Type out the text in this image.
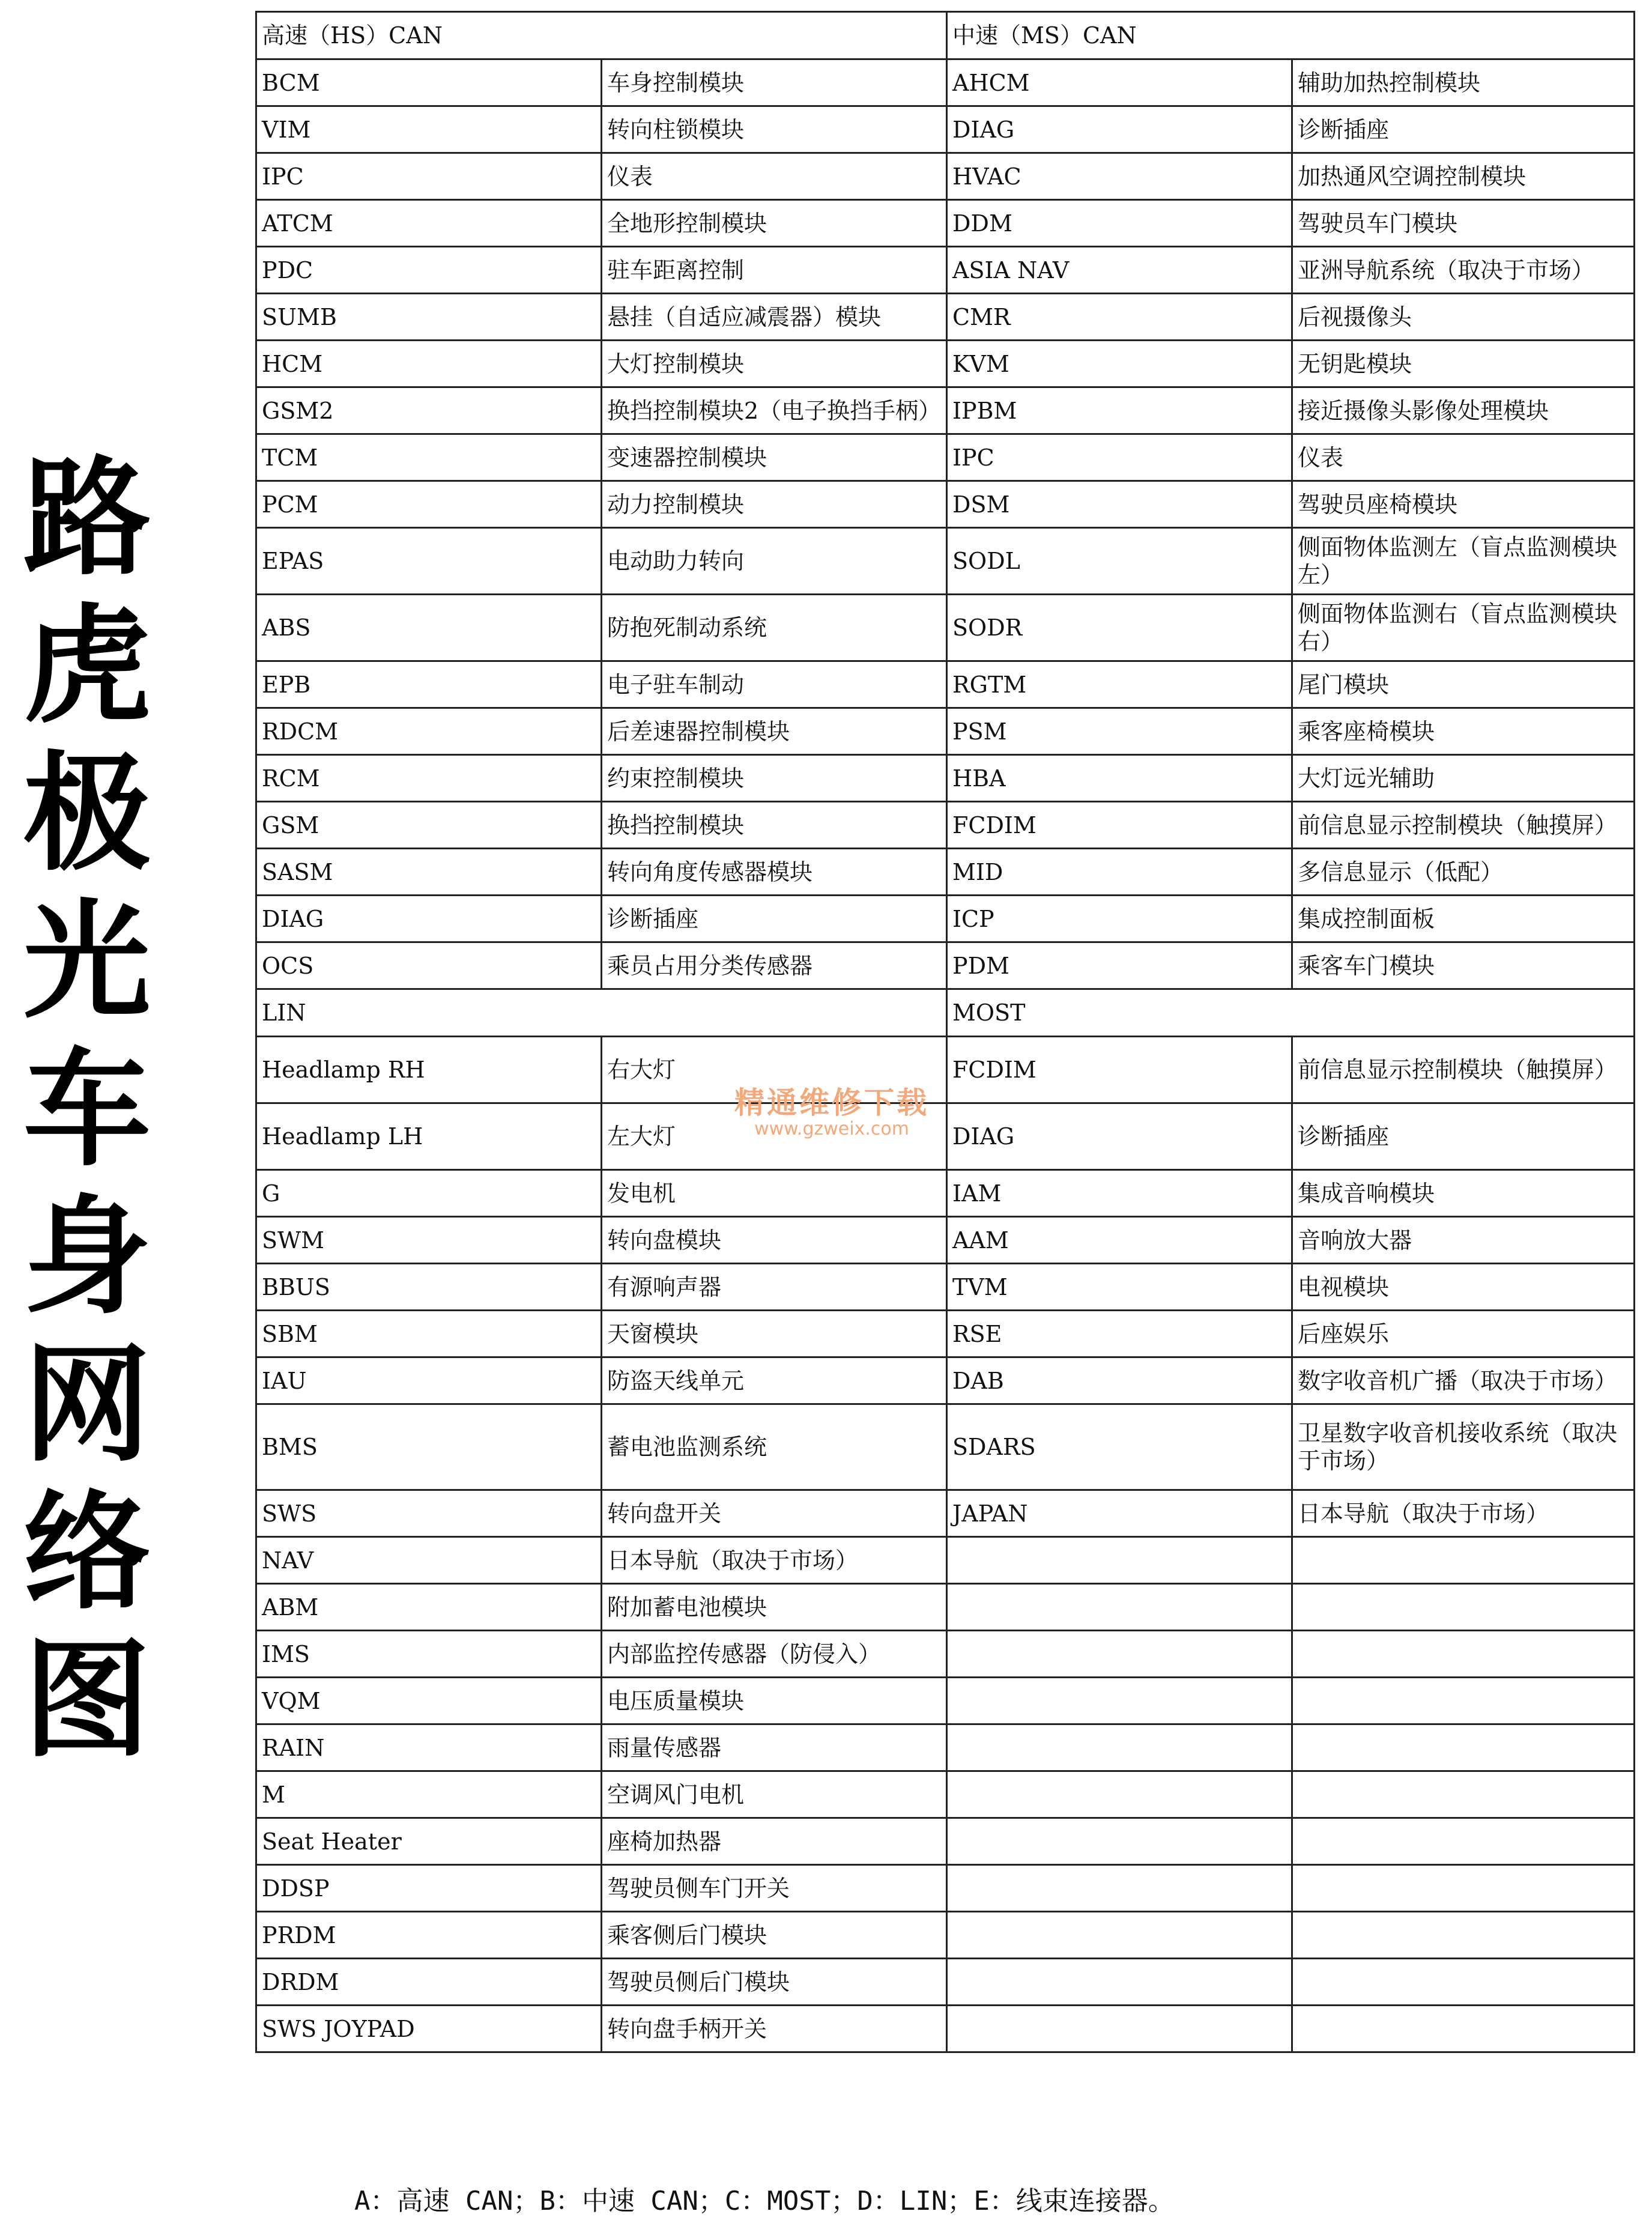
路
虎
极
光
车
身
网
络
图
高速（HS）CAN		中速（MS）CAN	
BCM	车身控制模块	AHCM	辅助加热控制模块
VIM	转向柱锁模块	DIAG	诊断插座
IPC	仪表	HVAC	加热通风空调控制模块
ATCM	全地形控制模块	DDM	驾驶员车门模块
PDC	驻车距离控制	ASIA NAV	亚洲导航系统（取决于市场）
SUMB	悬挂（自适应减震器）模块	CMR	后视摄像头
HCM	大灯控制模块	KVM	无钥匙模块
GSM2	换挡控制模块2（电子换挡手柄）	IPBM	接近摄像头影像处理模块
TCM	变速器控制模块	IPC	仪表
PCM	动力控制模块	DSM	驾驶员座椅模块
EPAS	电动助力转向	SODL	侧面物体监测左（盲点监测模块左）
ABS	防抱死制动系统	SODR	侧面物体监测右（盲点监测模块右）
EPB	电子驻车制动	RGTM	尾门模块
RDCM	后差速器控制模块	PSM	乘客座椅模块
RCM	约束控制模块	HBA	大灯远光辅助
GSM	换挡控制模块	FCDIM	前信息显示控制模块（触摸屏）
SASM	转向角度传感器模块	MID	多信息显示（低配）
DIAG	诊断插座	ICP	集成控制面板
OCS	乘员占用分类传感器	PDM	乘客车门模块
LIN		MOST	
Headlamp RH	右大灯	FCDIM	前信息显示控制模块（触摸屏）
Headlamp LH	左大灯	DIAG	诊断插座
G	发电机	IAM	集成音响模块
SWM	转向盘模块	AAM	音响放大器
BBUS	有源响声器	TVM	电视模块
SBM	天窗模块	RSE	后座娱乐
IAU	防盗天线单元	DAB	数字收音机广播（取决于市场）
BMS	蓄电池监测系统	SDARS	卫星数字收音机接收系统（取决于市场）
SWS	转向盘开关	JAPAN	日本导航（取决于市场）
NAV	日本导航（取决于市场）		
ABM	附加蓄电池模块		
IMS	内部监控传感器（防侵入）		
VQM	电压质量模块		
RAIN	雨量传感器		
M	空调风门电机		
Seat Heater	座椅加热器		
DDSP	驾驶员侧车门开关		
PRDM	乘客侧后门模块		
DRDM	驾驶员侧后门模块		
SWS JOYPAD	转向盘手柄开关		
精通维修下载
www.gzweix.com
A：高速 CAN；B：中速 CAN；C：MOST；D：LIN；E：线束连接器。
